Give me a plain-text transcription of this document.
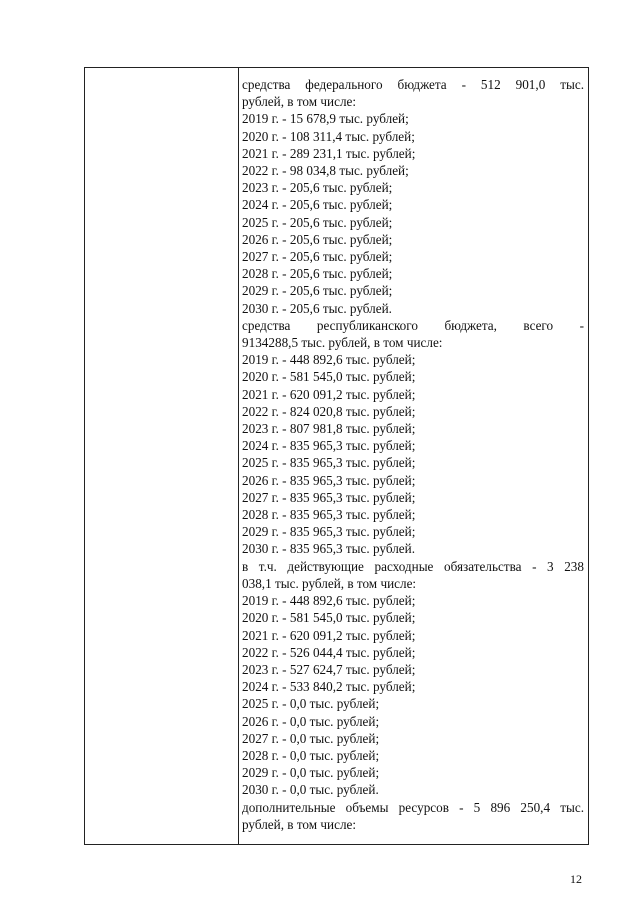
средства федерального бюджета - 512 901,0 тыс.
рублей, в том числе:
2019 г. - 15 678,9 тыс. рублей;
2020 г. - 108 311,4 тыс. рублей;
2021 г. - 289 231,1 тыс. рублей;
2022 г. - 98 034,8 тыс. рублей;
2023 г. - 205,6 тыс. рублей;
2024 г. - 205,6 тыс. рублей;
2025 г. - 205,6 тыс. рублей;
2026 г. - 205,6 тыс. рублей;
2027 г. - 205,6 тыс. рублей;
2028 г. - 205,6 тыс. рублей;
2029 г. - 205,6 тыс. рублей;
2030 г. - 205,6 тыс. рублей.
средства республиканского бюджета, всего -
9134288,5 тыс. рублей, в том числе:
2019 г. - 448 892,6 тыс. рублей;
2020 г. - 581 545,0 тыс. рублей;
2021 г. - 620 091,2 тыс. рублей;
2022 г. - 824 020,8 тыс. рублей;
2023 г. - 807 981,8 тыс. рублей;
2024 г. - 835 965,3 тыс. рублей;
2025 г. - 835 965,3 тыс. рублей;
2026 г. - 835 965,3 тыс. рублей;
2027 г. - 835 965,3 тыс. рублей;
2028 г. - 835 965,3 тыс. рублей;
2029 г. - 835 965,3 тыс. рублей;
2030 г. - 835 965,3 тыс. рублей.
в т.ч. действующие расходные обязательства - 3 238
038,1 тыс. рублей, в том числе:
2019 г. - 448 892,6 тыс. рублей;
2020 г. - 581 545,0 тыс. рублей;
2021 г. - 620 091,2 тыс. рублей;
2022 г. - 526 044,4 тыс. рублей;
2023 г. - 527 624,7 тыс. рублей;
2024 г. - 533 840,2 тыс. рублей;
2025 г. - 0,0 тыс. рублей;
2026 г. - 0,0 тыс. рублей;
2027 г. - 0,0 тыс. рублей;
2028 г. - 0,0 тыс. рублей;
2029 г. - 0,0 тыс. рублей;
2030 г. - 0,0 тыс. рублей.
дополнительные объемы ресурсов - 5 896 250,4 тыс.
рублей, в том числе:
12
